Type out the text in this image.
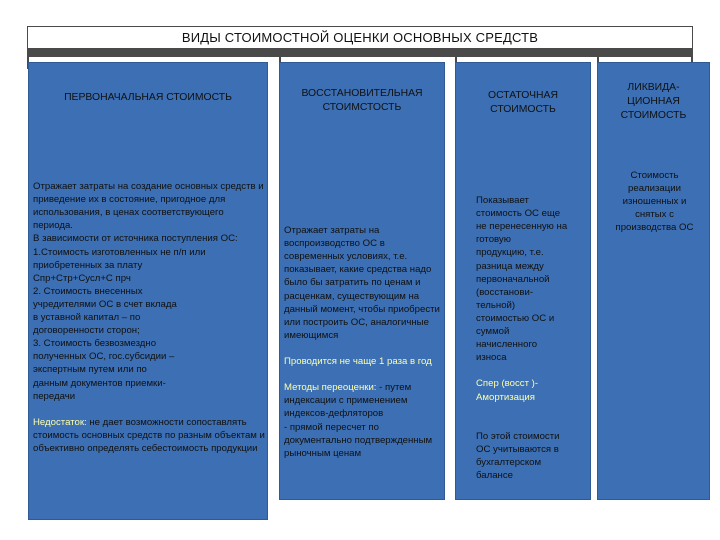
ВИДЫ СТОИМОСТНОЙ ОЦЕНКИ ОСНОВНЫХ СРЕДСТВ
ПЕРВОНАЧАЛЬНАЯ СТОИМОСТЬ

Отражает затраты на создание основных средств и приведение их в состояние, пригодное для использования, в ценах соответствующего периода.
В зависимости от источника поступления ОС:
1.Стоимость изготовленных не п/п или приобретенных за плату
Спр+Стр+Сусл+С прч
2. Стоимость внесенных
учредителями ОС в счет вклада
в уставной капитал – по
договоренности сторон;
3. Стоимость безвозмездно
полученных ОС, гос.субсидии –
экспертным путем или по
данным документов приемки-
передачи

Недостаток: не дает возможности сопоставлять стоимость основных средств по разным объектам и объективно определять себестоимость продукции

ВОССТАНОВИТЕЛЬНАЯ СТОИМСТОСТЬ

Отражает затраты на воспроизводство ОС в современных условиях, т.е. показывает, какие средства надо было бы затратить по ценам и расценкам, существующим на данный момент, чтобы приобрести или построить ОС, аналогичные имеющимся

Проводится не чаще 1 раза в год

Методы переоценки: - путем индексации с применением индексов-дефляторов
- прямой пересчет по документально подтвержденным рыночным ценам

ОСТАТОЧНАЯ СТОИМОСТЬ

Показывает
стоимость ОС еще
не перенесенную на
готовую
продукцию, т.е.
разница между
первоначальной
(восстанови-
тельной)
стоимостью ОС и
суммой
начисленного
износа

Спер (восст )-
Амортизация

По этой стоимости
ОС учитываются в
бухгалтерском
балансе

ЛИКВИДА-ЦИОННАЯ СТОИМОСТЬ
Стоимость
реализации
изношенных и
снятых с
производства ОС
